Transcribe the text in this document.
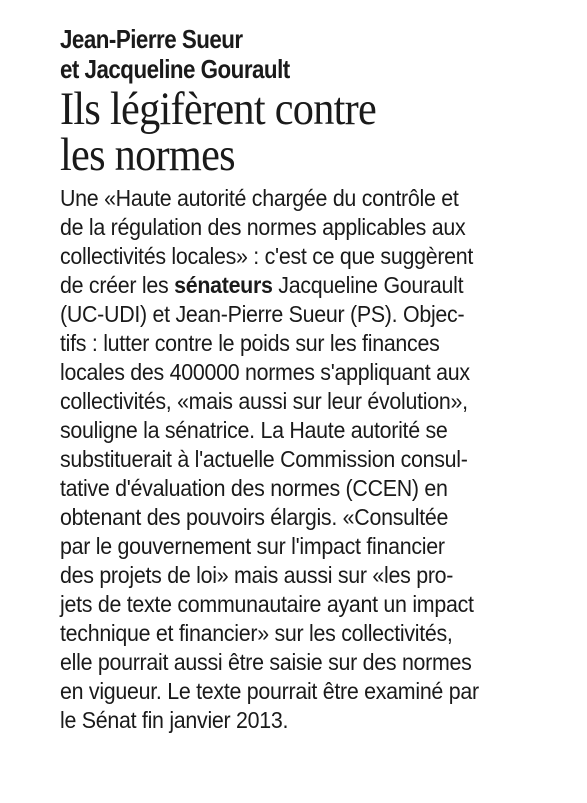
Jean-Pierre Sueur

et Jacqueline Gourault

Ils légifèrent contre
les normes
Une «Haute autorité chargée du contrôle et
de la régulation des normes applicables aux
collectivités locales» : c'est ce que suggèrent
de créer les sénateurs Jacqueline Gourault
(UC-UDI) et Jean-Pierre Sueur (PS). Objec-
tifs : lutter contre le poids sur les finances
locales des 400000 normes s'appliquant aux
collectivités, «mais aussi sur leur évolution»,
souligne la sénatrice. La Haute autorité se
substituerait à l'actuelle Commission consul-
tative d'évaluation des normes (CCEN) en
obtenant des pouvoirs élargis. «Consultée
par le gouvernement sur l'impact financier
des projets de loi» mais aussi sur «les pro-
jets de texte communautaire ayant un impact
technique et financier» sur les collectivités,
elle pourrait aussi être saisie sur des normes
en vigueur. Le texte pourrait être examiné par
le Sénat fin janvier 2013.
